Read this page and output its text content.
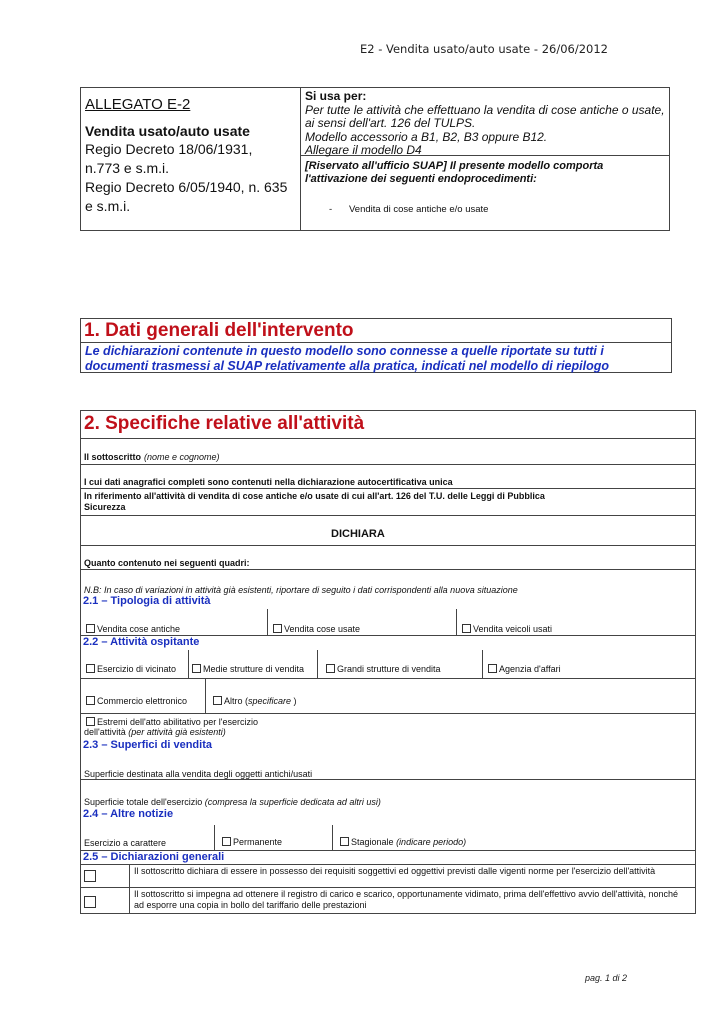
E2 - Vendita usato/auto usate - 26/06/2012
ALLEGATO E-2
Vendita usato/auto usate
Regio Decreto 18/06/1931,
n.773 e s.m.i.
Regio Decreto 6/05/1940, n. 635
e s.m.i.
Si usa per:
Per tutte le attività che effettuano la vendita di cose antiche o usate,
ai sensi dell'art. 126 del TULPS.
Modello accessorio a B1, B2, B3 oppure B12.
Allegare il modello D4
[Riservato all'ufficio SUAP] Il presente modello comporta l'attivazione dei seguenti endoprocedimenti:
- Vendita di cose antiche e/o usate
1. Dati generali dell'intervento
Le dichiarazioni contenute in questo modello sono connesse a quelle riportate su tutti i documenti trasmessi al SUAP relativamente alla pratica, indicati nel modello di riepilogo
2. Specifiche relative all'attività
Il sottoscritto (nome e cognome)
I cui dati anagrafici completi sono contenuti nella dichiarazione autocertificativa unica
In riferimento all'attività di vendita di cose antiche e/o usate di cui all'art. 126 del T.U. delle Leggi di Pubblica Sicurezza
DICHIARA
Quanto contenuto nei seguenti quadri:
N.B: In caso di variazioni in attività già esistenti, riportare di seguito i dati corrispondenti alla nuova situazione
2.1 – Tipologia di attività
Vendita cose antiche	Vendita cose usate	Vendita veicoli usati
2.2 – Attività ospitante
Esercizio di vicinato	Medie strutture di vendita	Grandi strutture di vendita	Agenzia d'affari
Commercio elettronico	Altro (specificare )
Estremi dell'atto abilitativo per l'esercizio
dell'attività (per attività già esistenti)
2.3 – Superfici di vendita
Superficie destinata alla vendita degli oggetti antichi/usati
Superficie totale dell'esercizio (compresa la superficie dedicata ad altri usi)
2.4 – Altre notizie
Esercizio a carattere	Permanente	Stagionale (indicare periodo)
2.5 – Dichiarazioni generali
Il sottoscritto dichiara di essere in possesso dei requisiti soggettivi ed oggettivi previsti dalle vigenti norme per l'esercizio dell'attività
Il sottoscritto si impegna ad ottenere il registro di carico e scarico, opportunamente vidimato, prima dell'effettivo avvio dell'attività, nonché ad esporre una copia in bollo del tariffario delle prestazioni
pag. 1 di 2
